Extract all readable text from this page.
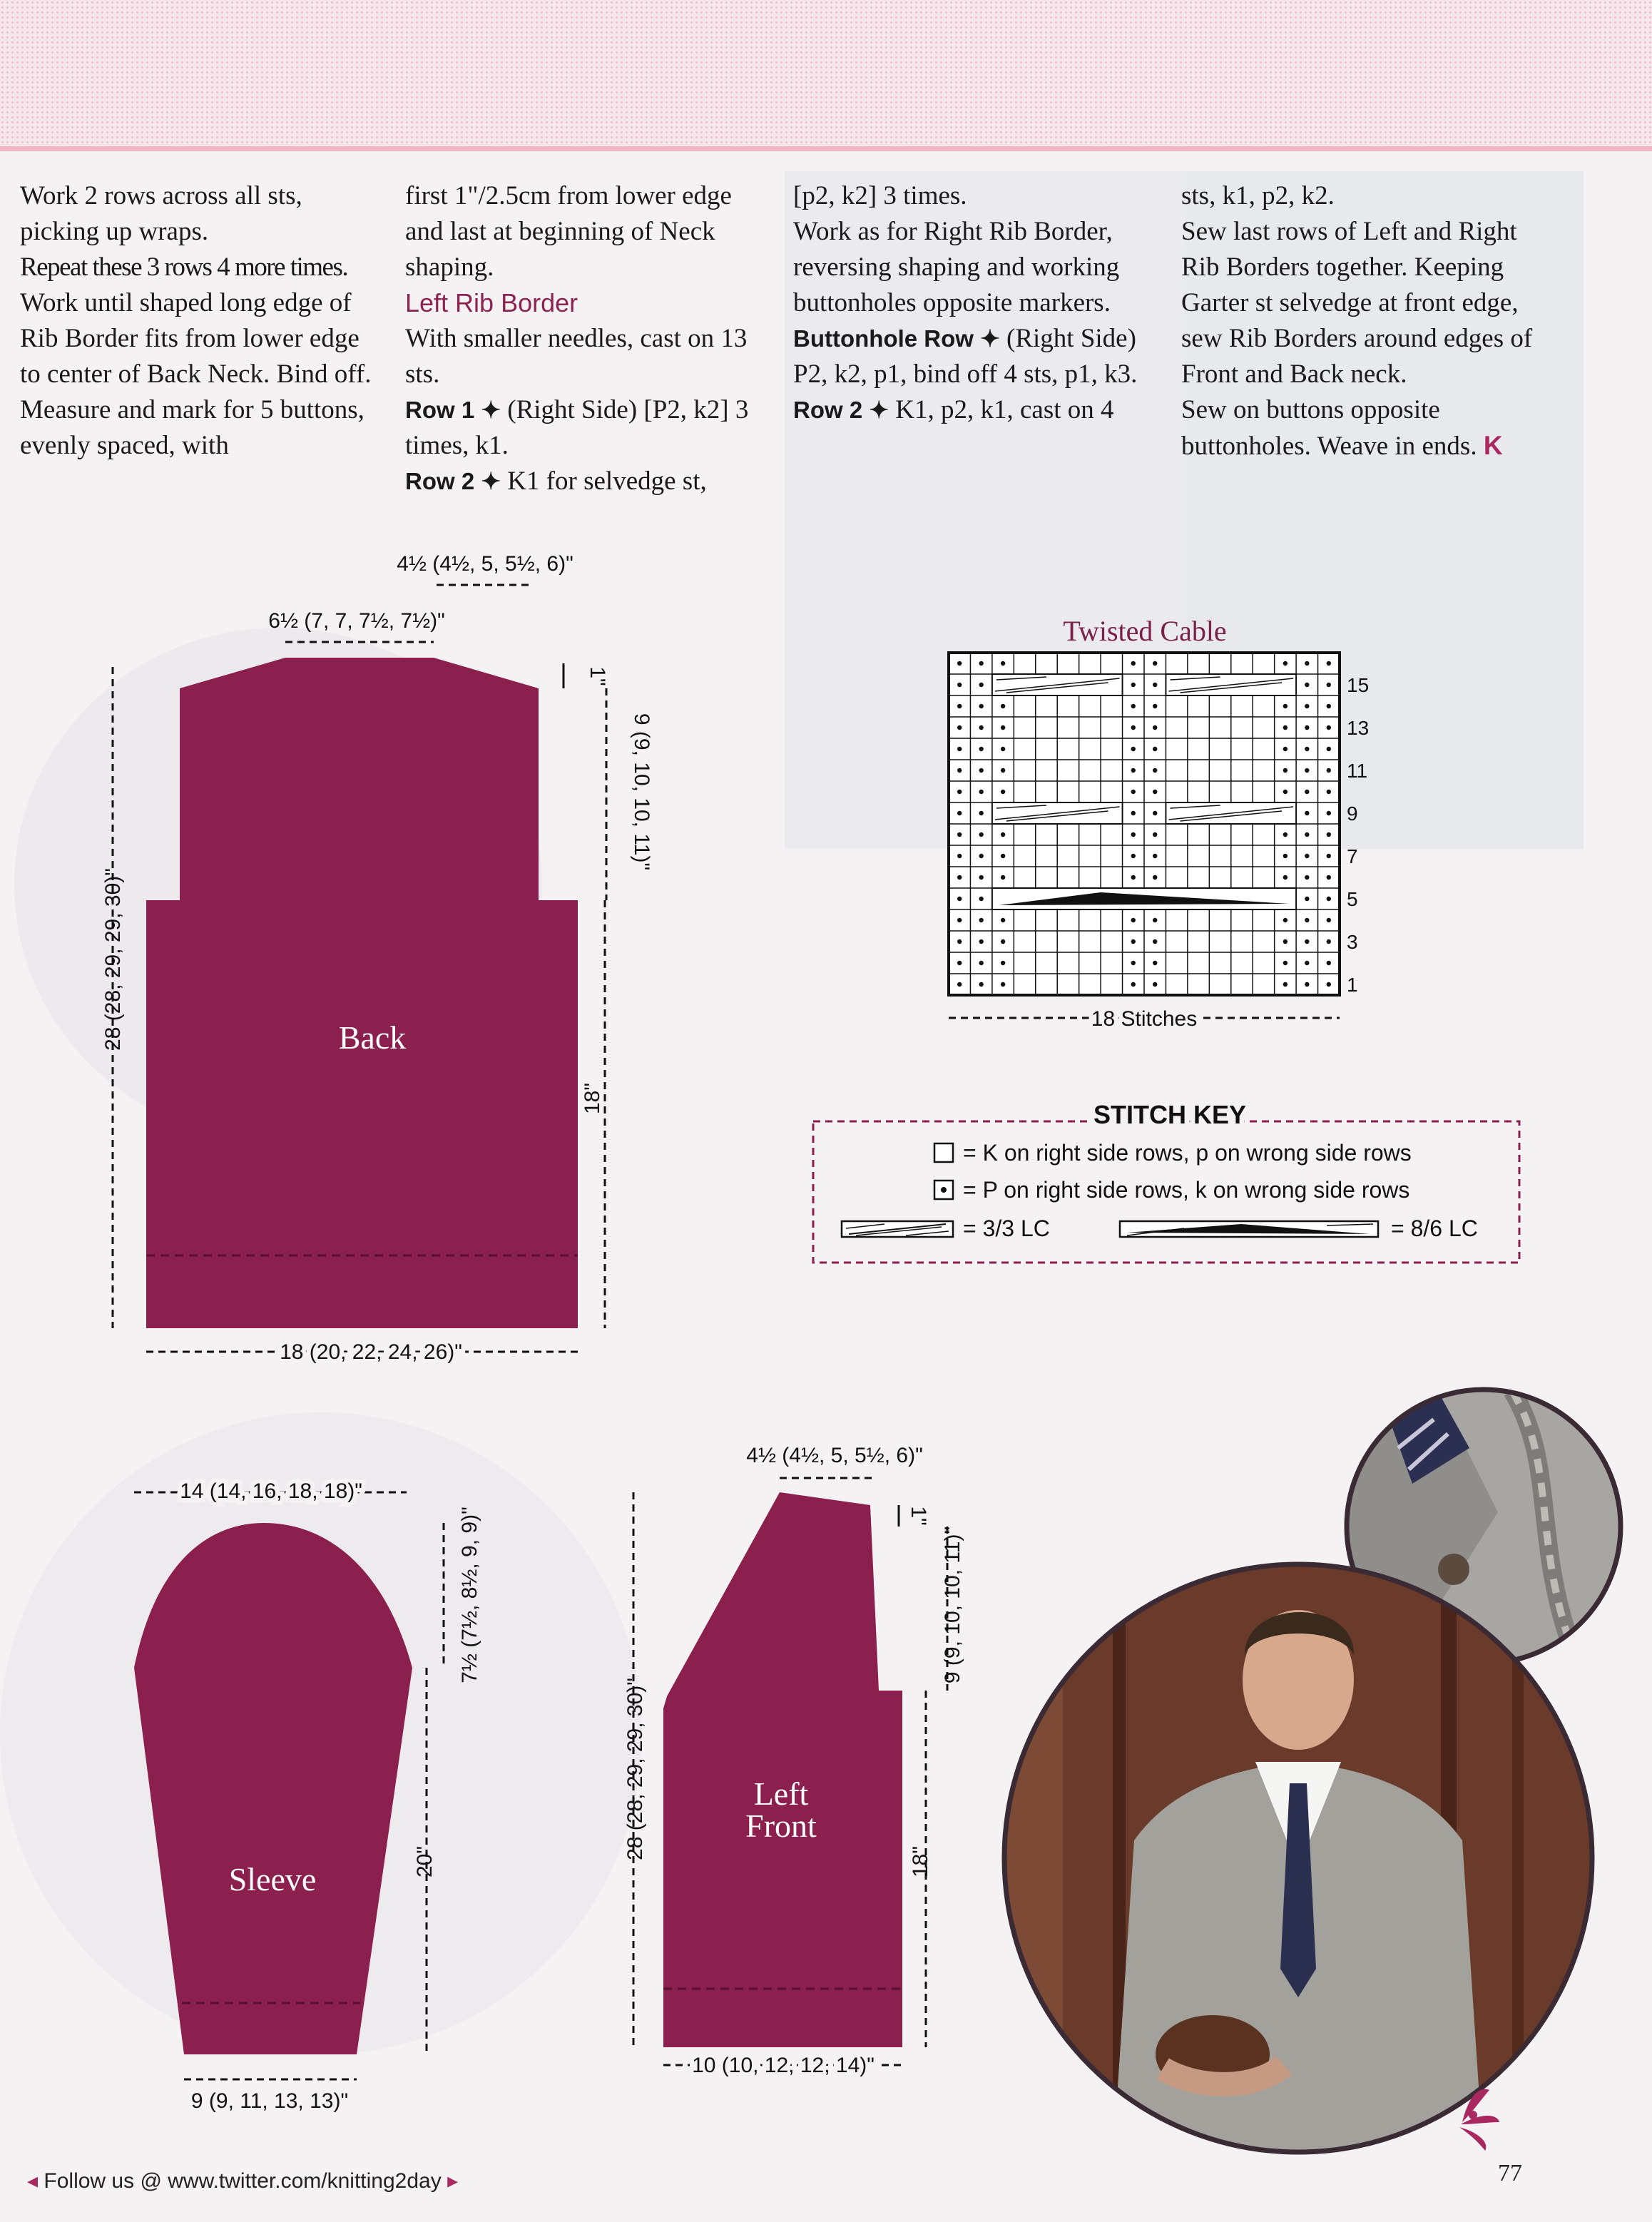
Work 2 rows across all sts, picking up wraps.

Repeat these 3 rows 4 more times.

Work until shaped long edge of Rib Border fits from lower edge to center of Back Neck. Bind off.

Measure and mark for 5 buttons, evenly spaced, with

first 1"/2.5cm from lower edge and last at beginning of Neck shaping.

Left Rib Border

With smaller needles, cast on 13 sts.

Row 1 ✦ (Right Side) [P2, k2] 3 times, k1.

Row 2 ✦ K1 for selvedge st,

[p2, k2] 3 times.

Work as for Right Rib Border, reversing shaping and working buttonholes opposite markers.

Buttonhole Row ✦ (Right Side) P2, k2, p1, bind off 4 sts, p1, k3.

Row 2 ✦ K1, p2, k1, cast on 4

sts, k1, p2, k2.

Sew last rows of Left and Right Rib Borders together. Keeping Garter st selvedge at front edge, sew Rib Borders around edges of Front and Back neck.

Sew on buttons opposite buttonholes. Weave in ends. K

Back
4½ (4½, 5, 5½, 6)"
6½ (7, 7, 7½, 7½)"
1"
9 (9, 10, 10, 11)"
18"
28 (28, 29, 29, 30)"
18 (20, 22, 24, 26)"
Sleeve
14 (14, 16, 18, 18)"
7½ (7½, 8½, 9, 9)"
20"
9 (9, 11, 13, 13)"
Left
Front
4½ (4½, 5, 5½, 6)"
1"
9 (9, 10, 10, 11)"
18"
28 (28, 29, 29, 30)"
10 (10, 12, 12, 14)"
Twisted Cable
15
13
11
9
7
5
3
1
18 Stitches
STITCH KEY
= K on right side rows, p on wrong side rows
= P on right side rows, k on wrong side rows
= 3/3 LC	= 8/6 LC
◂ Follow us @ www.twitter.com/knitting2day ▸	77
